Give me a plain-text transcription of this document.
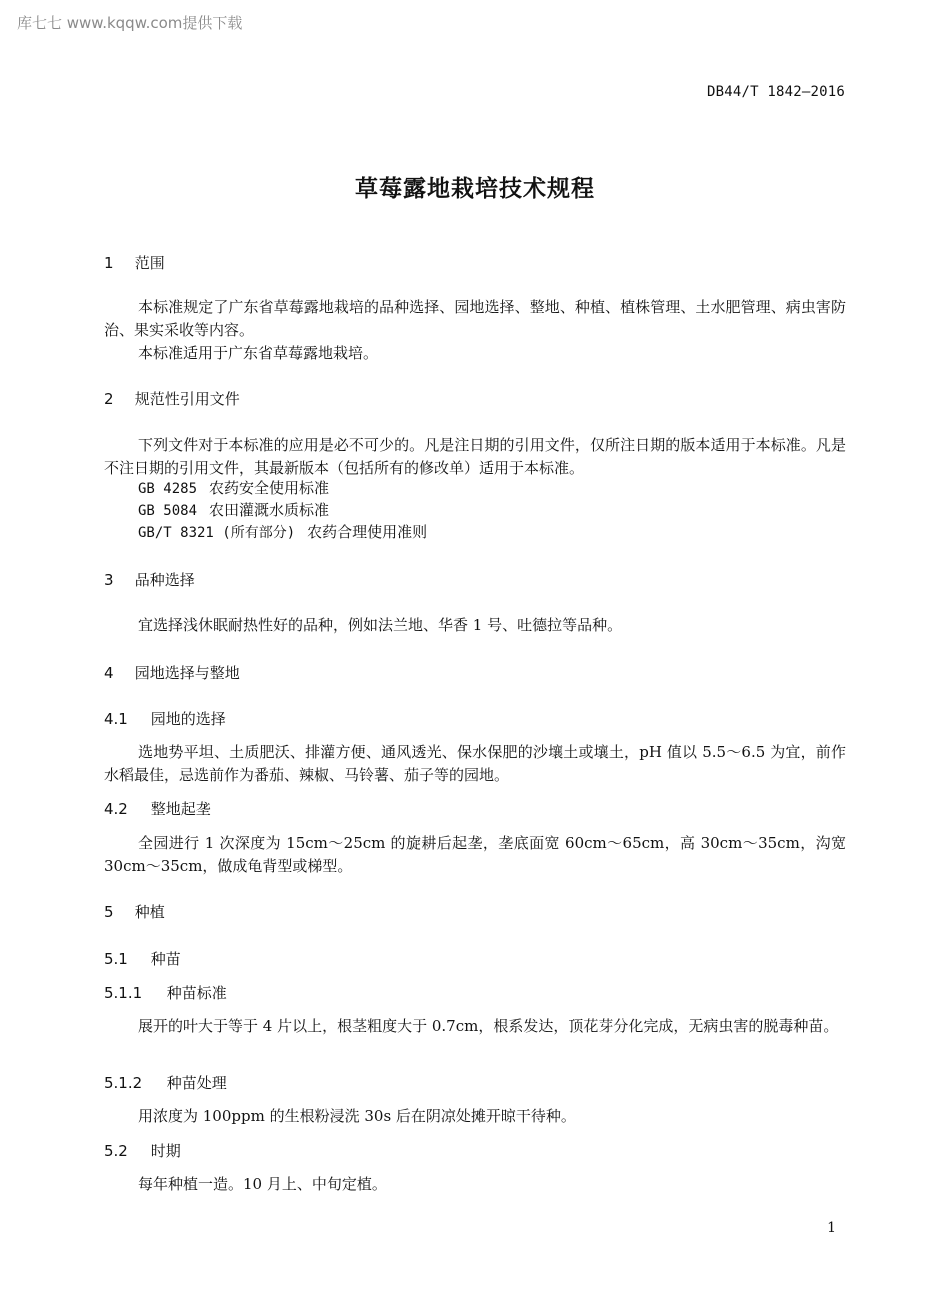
库七七 www.kqqw.com提供下载
DB44/T 1842—2016
草莓露地栽培技术规程
1 范围
本标准规定了广东省草莓露地栽培的品种选择、园地选择、整地、种植、植株管理、土水肥管理、病虫害防治、果实采收等内容。
本标准适用于广东省草莓露地栽培。
2 规范性引用文件
下列文件对于本标准的应用是必不可少的。凡是注日期的引用文件，仅所注日期的版本适用于本标准。凡是不注日期的引用文件，其最新版本（包括所有的修改单）适用于本标准。
GB 4285 农药安全使用标准
GB 5084 农田灌溉水质标准
GB/T 8321 (所有部分) 农药合理使用准则
3 品种选择
宜选择浅休眠耐热性好的品种，例如法兰地、华香 1 号、吐德拉等品种。
4 园地选择与整地
4.1 园地的选择
选地势平坦、土质肥沃、排灌方便、通风透光、保水保肥的沙壤土或壤土，pH 值以 5.5～6.5 为宜，前作水稻最佳，忌选前作为番茄、辣椒、马铃薯、茄子等的园地。
4.2 整地起垄
全园进行 1 次深度为 15cm～25cm 的旋耕后起垄，垄底面宽 60cm～65cm，高 30cm～35cm，沟宽 30cm～35cm，做成龟背型或梯型。
5 种植
5.1 种苗
5.1.1 种苗标准
展开的叶大于等于 4 片以上，根茎粗度大于 0.7cm，根系发达，顶花芽分化完成，无病虫害的脱毒种苗。
5.1.2 种苗处理
用浓度为 100ppm 的生根粉浸洗 30s 后在阴凉处摊开晾干待种。
5.2 时期
每年种植一造。10 月上、中旬定植。
1
